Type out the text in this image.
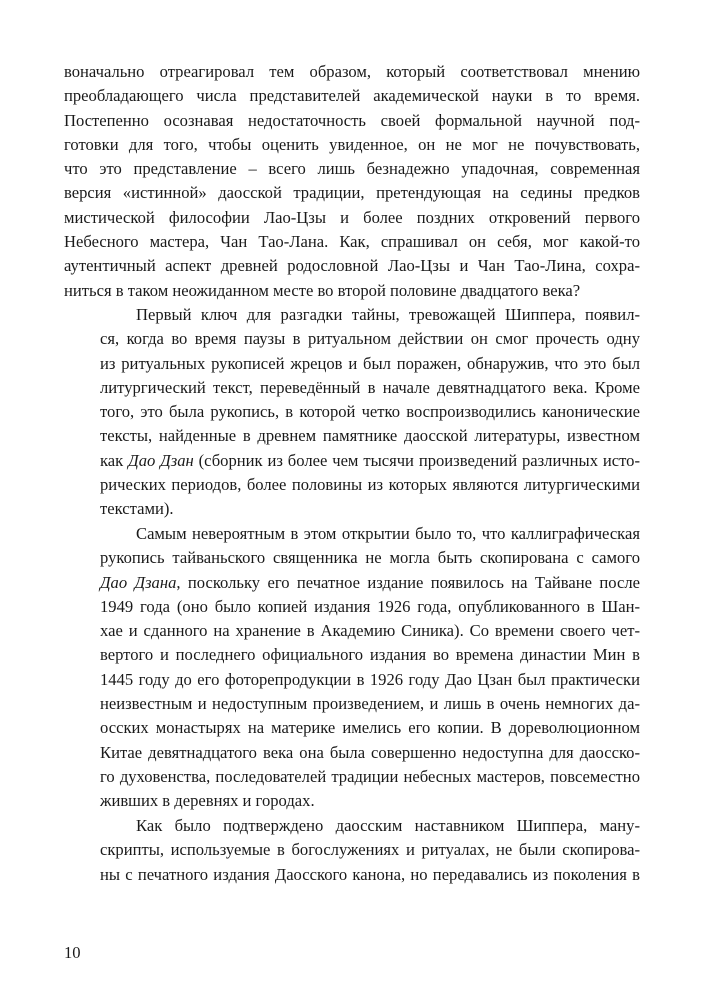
воначально отреагировал тем образом, который соответствовал мнению
преобладающего числа представителей академической науки в то время.
Постепенно осознавая недостаточность своей формальной научной под-
готовки для того, чтобы оценить увиденное, он не мог не почувствовать,
что это представление – всего лишь безнадежно упадочная, современная
версия «истинной» даосской традиции, претендующая на седины предков
мистической философии Лао-Цзы и более поздних откровений первого
Небесного мастера, Чан Тао-Лана. Как, спрашивал он себя, мог какой-то
аутентичный аспект древней родословной Лао-Цзы и Чан Тао-Лина, сохра-
ниться в таком неожиданном месте во второй половине двадцатого века?
Первый ключ для разгадки тайны, тревожащей Шиппера, появил-
ся, когда во время паузы в ритуальном действии он смог прочесть одну
из ритуальных рукописей жрецов и был поражен, обнаружив, что это был
литургический текст, переведённый в начале девятнадцатого века. Кроме
того, это была рукопись, в которой четко воспроизводились канонические
тексты, найденные в древнем памятнике даосской литературы, известном
как Дао Дзан (сборник из более чем тысячи произведений различных исто-
рических периодов, более половины из которых являются литургическими
текстами).
Самым невероятным в этом открытии было то, что каллиграфическая
рукопись тайваньского священника не могла быть скопирована с самого
Дао Дзана, поскольку его печатное издание появилось на Тайване после
1949 года (оно было копией издания 1926 года, опубликованного в Шан-
хае и сданного на хранение в Академию Синика). Со времени своего чет-
вертого и последнего официального издания во времена династии Мин в
1445 году до его фоторепродукции в 1926 году Дао Цзан был практически
неизвестным и недоступным произведением, и лишь в очень немногих да-
осских монастырях на материке имелись его копии. В дореволюционном
Китае девятнадцатого века она была совершенно недоступна для даосско-
го духовенства, последователей традиции небесных мастеров, повсеместно
живших в деревнях и городах.
Как было подтверждено даосским наставником Шиппера, ману-
скрипты, используемые в богослужениях и ритуалах, не были скопирова-
ны с печатного издания Даосского канона, но передавались из поколения в
10
